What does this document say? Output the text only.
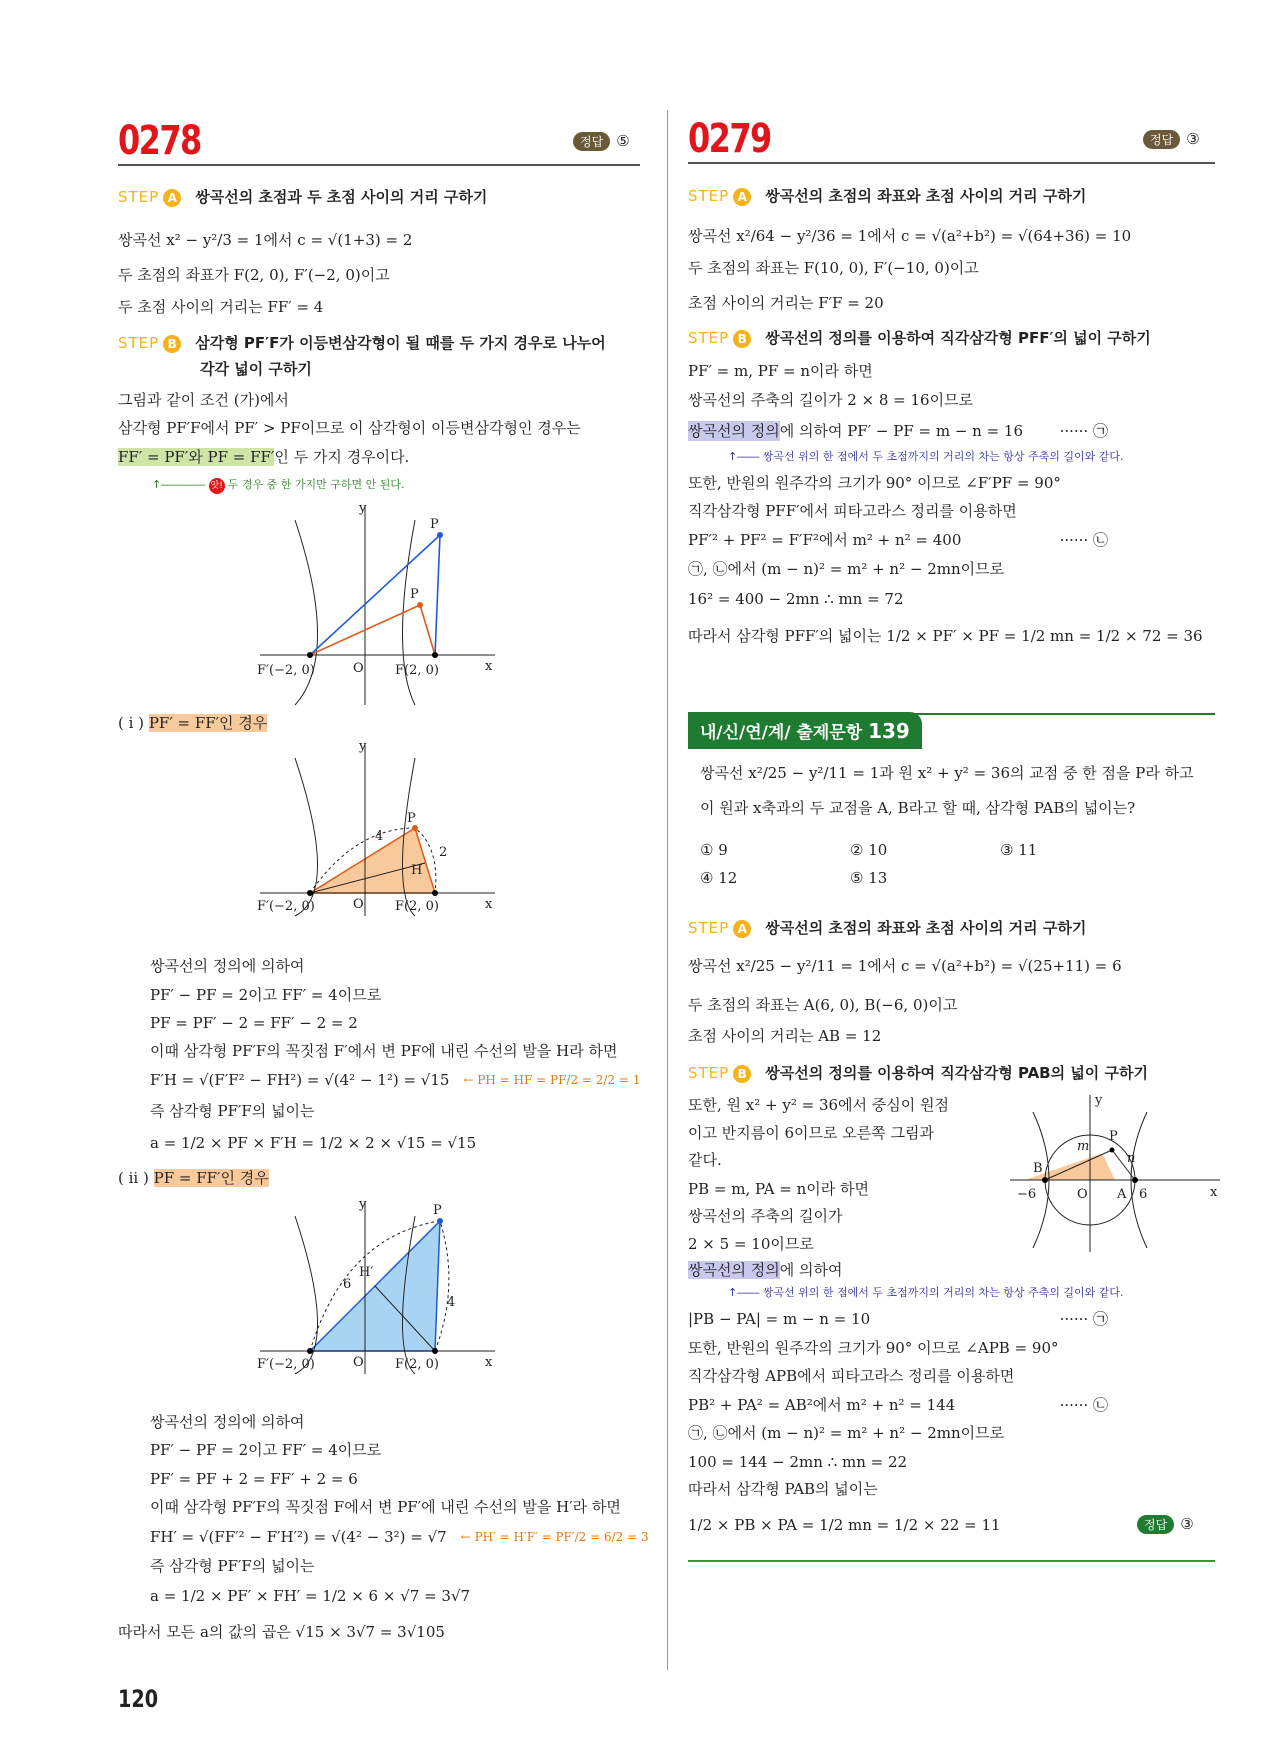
0278	정답 ⑤
STEP A 쌍곡선의 초점과 두 초점 사이의 거리 구하기
쌍곡선 x² − y²/3 = 1에서 c = √(1+3) = 2
두 초점의 좌표가 F(2, 0), F′(−2, 0)이고
두 초점 사이의 거리는 FF′ = 4
STEP B 삼각형 PF′F가 이등변삼각형이 될 때를 두 가지 경우로 나누어
각각 넓이 구하기
그림과 같이 조건 (가)에서
삼각형 PF′F에서 PF′ > PF이므로 이 삼각형이 이등변삼각형인 경우는
FF′ = PF′와 PF = FF′인 두 가지 경우이다.
↑―――― 앗! 두 경우 중 한 가지만 구하면 안 된다.
y
x
O
P
P
F′(−2, 0)	F(2, 0)
( i ) PF′ = FF′인 경우
y
x
O
P
4
2
H
F′(−2, 0)	F(2, 0)
쌍곡선의 정의에 의하여
PF′ − PF = 2이고 FF′ = 4이므로
PF = PF′ − 2 = FF′ − 2 = 2
이때 삼각형 PF′F의 꼭짓점 F′에서 변 PF에 내린 수선의 발을 H라 하면
F′H = √(F′F² − FH²) = √(4² − 1²) = √15 ← PH = HF = PF/2 = 2/2 = 1
즉 삼각형 PF′F의 넓이는
a = 1/2 × PF × F′H = 1/2 × 2 × √15 = √15
( ii ) PF = FF′인 경우
y
x
O
P
6
H′
4
F′(−2, 0)	F(2, 0)
쌍곡선의 정의에 의하여
PF′ − PF = 2이고 FF′ = 4이므로
PF′ = PF + 2 = FF′ + 2 = 6
이때 삼각형 PF′F의 꼭짓점 F에서 변 PF′에 내린 수선의 발을 H′라 하면
FH′ = √(FF′² − F′H′²) = √(4² − 3²) = √7 ← PH′ = H′F′ = PF′/2 = 6/2 = 3
즉 삼각형 PF′F의 넓이는
a = 1/2 × PF′ × FH′ = 1/2 × 6 × √7 = 3√7
따라서 모든 a의 값의 곱은 √15 × 3√7 = 3√105
120
0279	정답 ③
STEP A 쌍곡선의 초점의 좌표와 초점 사이의 거리 구하기
쌍곡선 x²/64 − y²/36 = 1에서 c = √(a²+b²) = √(64+36) = 10
두 초점의 좌표는 F(10, 0), F′(−10, 0)이고
초점 사이의 거리는 F′F = 20
STEP B 쌍곡선의 정의를 이용하여 직각삼각형 PFF′의 넓이 구하기
PF′ = m, PF = n이라 하면
쌍곡선의 주축의 길이가 2 × 8 = 16이므로
쌍곡선의 정의 에 의하여 PF′ − PF = m − n = 16	······ ㉠
↑―― 쌍곡선 위의 한 점에서 두 초점까지의 거리의 차는 항상 주축의 길이와 같다.
또한, 반원의 원주각의 크기가 90° 이므로 ∠F′PF = 90°
직각삼각형 PFF′에서 피타고라스 정리를 이용하면
PF′² + PF² = F′F²에서 m² + n² = 400	······ ㉡
㉠, ㉡에서 (m − n)² = m² + n² − 2mn이므로
16² = 400 − 2mn ∴ mn = 72
따라서 삼각형 PFF′의 넓이는 1/2 × PF′ × PF = 1/2 mn = 1/2 × 72 = 36
내/신/연/계/ 출제문항 139
쌍곡선 x²/25 − y²/11 = 1과 원 x² + y² = 36의 교점 중 한 점을 P라 하고
이 원과 x축과의 두 교점을 A, B라고 할 때, 삼각형 PAB의 넓이는?
① 9	② 10	③ 11
④ 12	⑤ 13
STEP A 쌍곡선의 초점의 좌표와 초점 사이의 거리 구하기
쌍곡선 x²/25 − y²/11 = 1에서 c = √(a²+b²) = √(25+11) = 6
두 초점의 좌표는 A(6, 0), B(−6, 0)이고
초점 사이의 거리는 AB = 12
STEP B 쌍곡선의 정의를 이용하여 직각삼각형 PAB의 넓이 구하기
또한, 원 x² + y² = 36에서 중심이 원점
이고 반지름이 6이므로 오른쪽 그림과
같다.
PB = m, PA = n이라 하면
쌍곡선의 주축의 길이가
2 × 5 = 10이므로
쌍곡선의 정의에 의하여
↑―― 쌍곡선 위의 한 점에서 두 초점까지의 거리의 차는 항상 주축의 길이와 같다.
|PB − PA| = m − n = 10	······ ㉠
또한, 반원의 원주각의 크기가 90° 이므로 ∠APB = 90°
직각삼각형 APB에서 피타고라스 정리를 이용하면
PB² + PA² = AB²에서 m² + n² = 144	······ ㉡
㉠, ㉡에서 (m − n)² = m² + n² − 2mn이므로
100 = 144 − 2mn ∴ mn = 22
따라서 삼각형 PAB의 넓이는
1/2 × PB × PA = 1/2 mn = 1/2 × 22 = 11	정답 ③
y
x
O
P
B
A
m
n
−6	6
